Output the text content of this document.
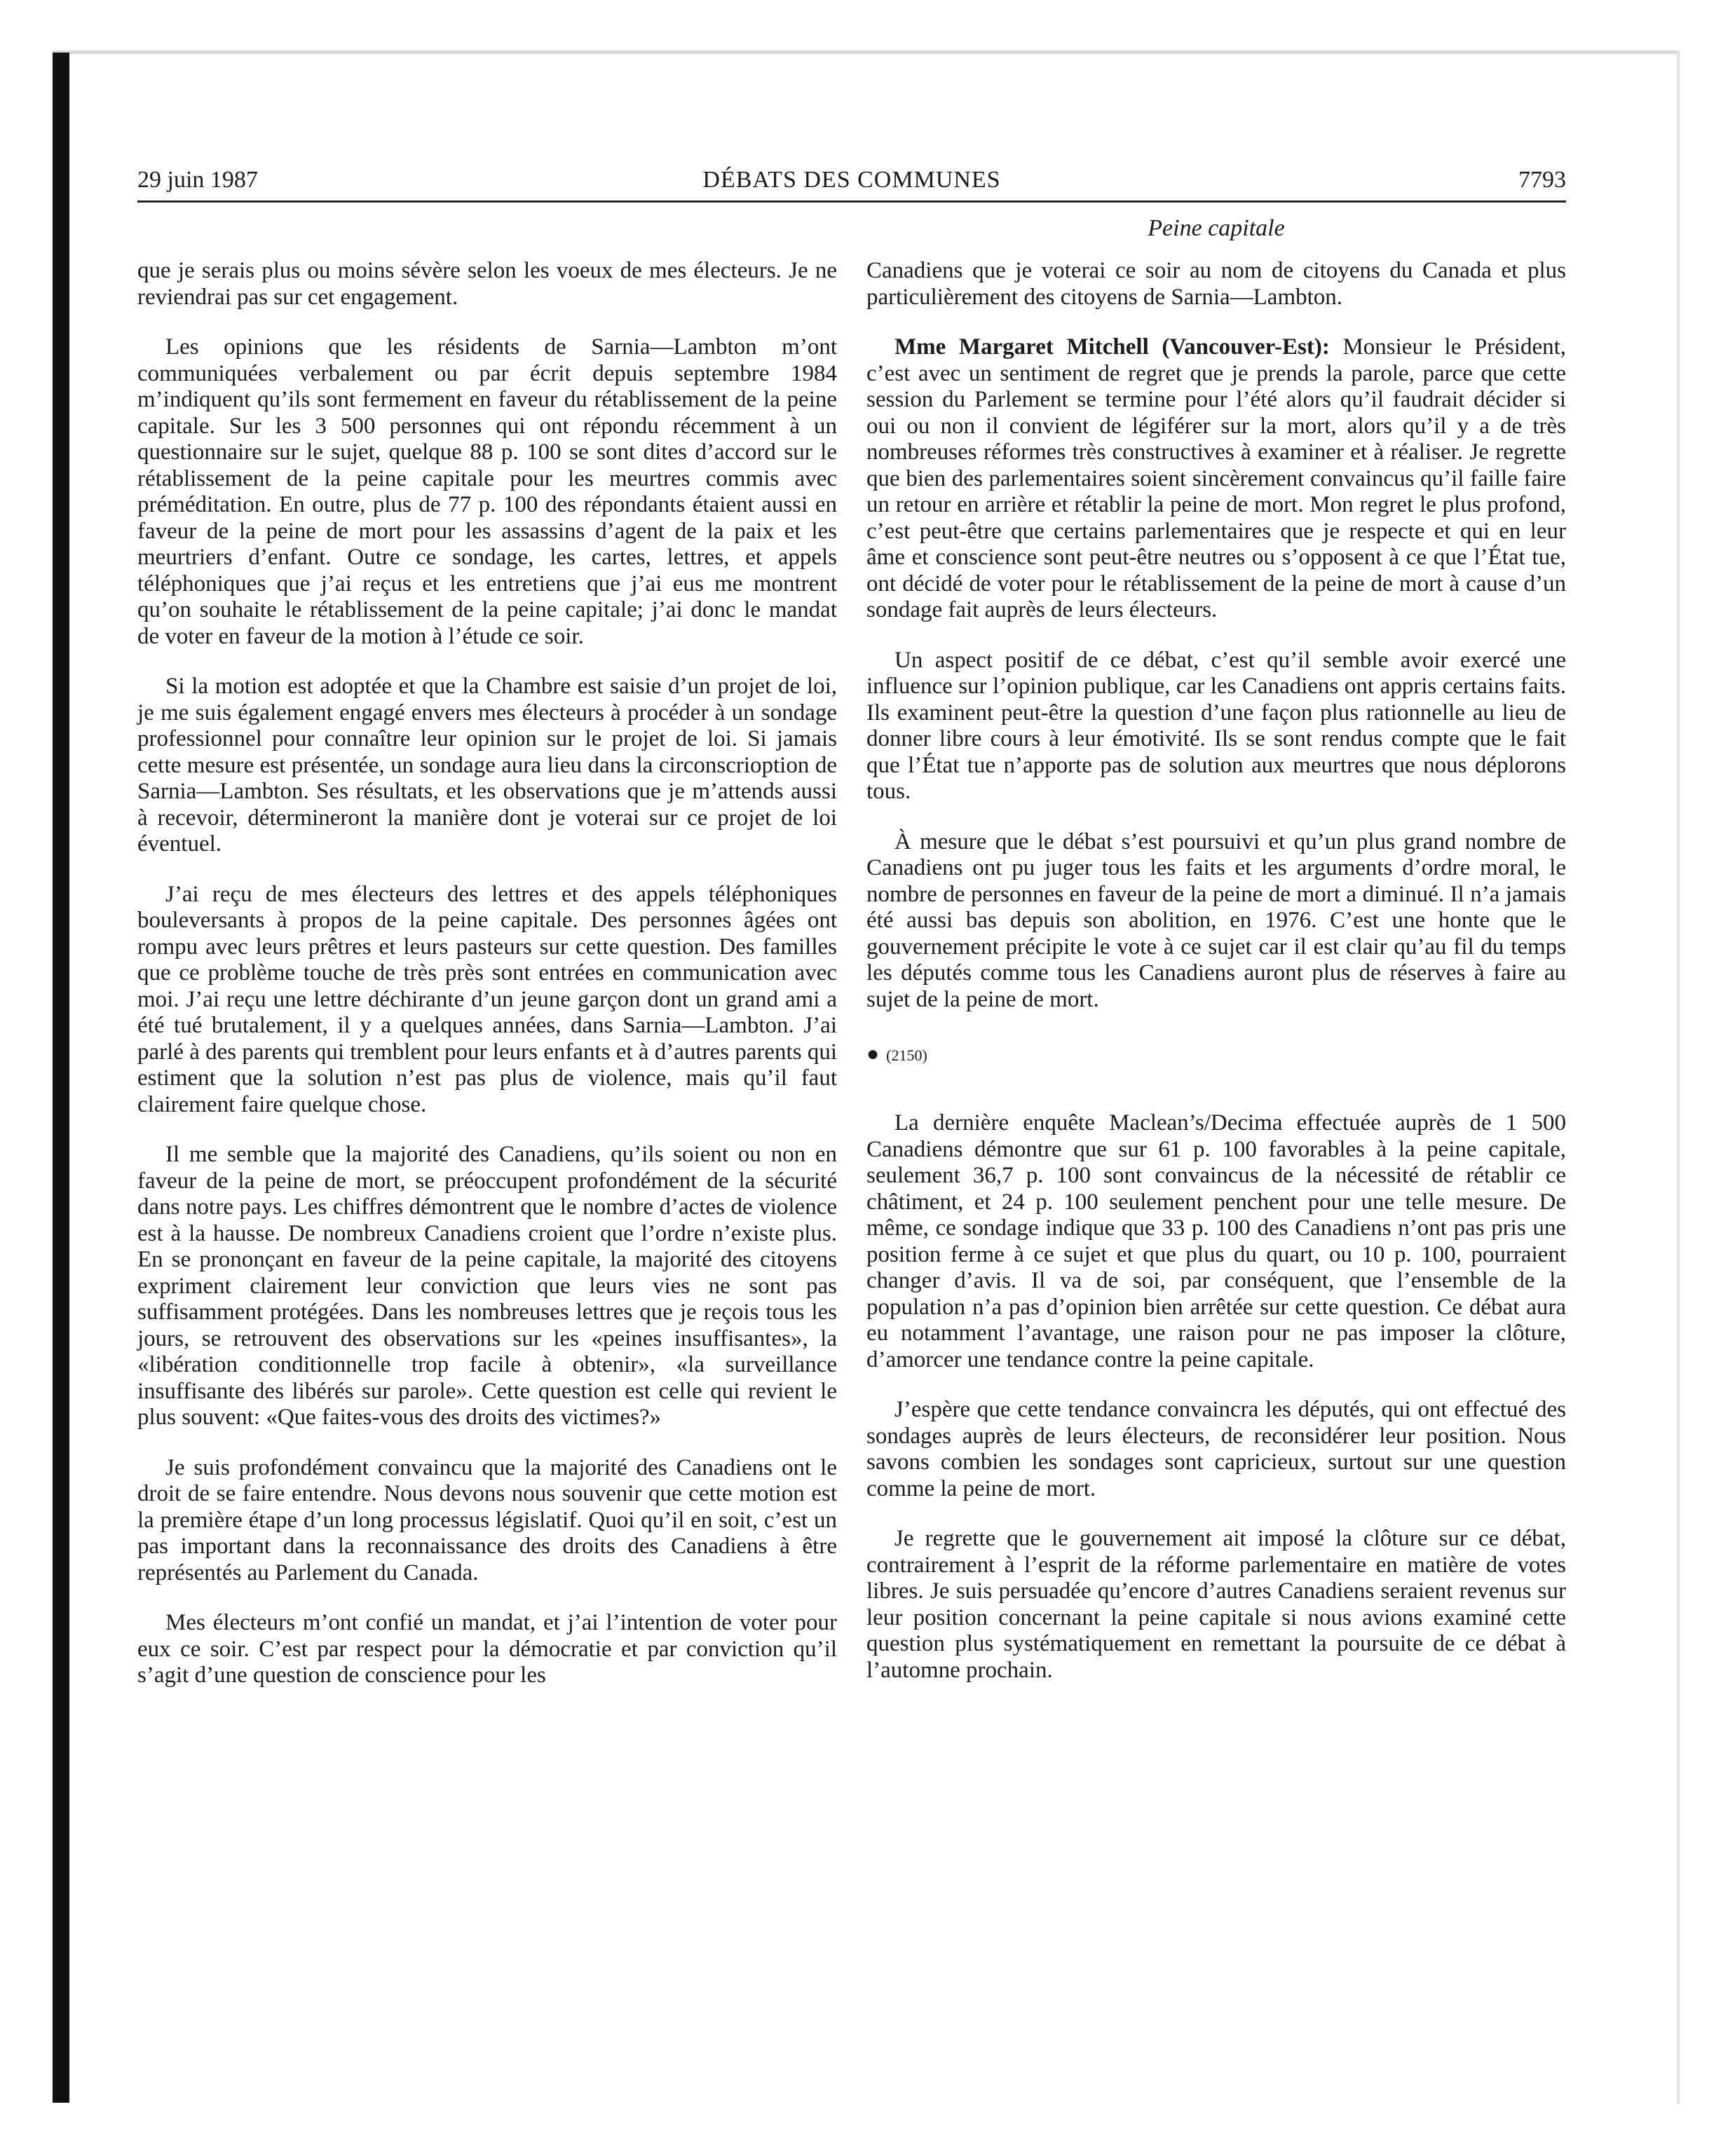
29 juin 1987	DÉBATS DES COMMUNES	7793
Peine capitale

que je serais plus ou moins sévère selon les voeux de mes électeurs. Je ne reviendrai pas sur cet engagement.

Les opinions que les résidents de Sarnia—Lambton m’ont communiquées verbalement ou par écrit depuis septembre 1984 m’indiquent qu’ils sont fermement en faveur du rétablissement de la peine capitale. Sur les 3 500 personnes qui ont répondu récemment à un questionnaire sur le sujet, quelque 88 p. 100 se sont dites d’accord sur le rétablissement de la peine capitale pour les meurtres commis avec préméditation. En outre, plus de 77 p. 100 des répondants étaient aussi en faveur de la peine de mort pour les assassins d’agent de la paix et les meurtriers d’enfant. Outre ce sondage, les cartes, lettres, et appels téléphoniques que j’ai reçus et les entretiens que j’ai eus me montrent qu’on souhaite le rétablissement de la peine capitale; j’ai donc le mandat de voter en faveur de la motion à l’étude ce soir.

Si la motion est adoptée et que la Chambre est saisie d’un projet de loi, je me suis également engagé envers mes électeurs à procéder à un sondage professionnel pour connaître leur opinion sur le projet de loi. Si jamais cette mesure est présentée, un sondage aura lieu dans la circonscrioption de Sarnia—Lambton. Ses résultats, et les observations que je m’attends aussi à recevoir, détermineront la manière dont je voterai sur ce projet de loi éventuel.

J’ai reçu de mes électeurs des lettres et des appels téléphoniques bouleversants à propos de la peine capitale. Des personnes âgées ont rompu avec leurs prêtres et leurs pasteurs sur cette question. Des familles que ce problème touche de très près sont entrées en communication avec moi. J’ai reçu une lettre déchirante d’un jeune garçon dont un grand ami a été tué brutalement, il y a quelques années, dans Sarnia—Lambton. J’ai parlé à des parents qui tremblent pour leurs enfants et à d’autres parents qui estiment que la solution n’est pas plus de violence, mais qu’il faut clairement faire quelque chose.

Il me semble que la majorité des Canadiens, qu’ils soient ou non en faveur de la peine de mort, se préoccupent profondément de la sécurité dans notre pays. Les chiffres démontrent que le nombre d’actes de violence est à la hausse. De nombreux Canadiens croient que l’ordre n’existe plus. En se prononçant en faveur de la peine capitale, la majorité des citoyens expriment clairement leur conviction que leurs vies ne sont pas suffisamment protégées. Dans les nombreuses lettres que je reçois tous les jours, se retrouvent des observations sur les «peines insuffisantes», la «libération conditionnelle trop facile à obtenir», «la surveillance insuffisante des libérés sur parole». Cette question est celle qui revient le plus souvent: «Que faites-vous des droits des victimes?»

Je suis profondément convaincu que la majorité des Canadiens ont le droit de se faire entendre. Nous devons nous souvenir que cette motion est la première étape d’un long processus législatif. Quoi qu’il en soit, c’est un pas important dans la reconnaissance des droits des Canadiens à être représentés au Parlement du Canada.

Mes électeurs m’ont confié un mandat, et j’ai l’intention de voter pour eux ce soir. C’est par respect pour la démocratie et par conviction qu’il s’agit d’une question de conscience pour les

Canadiens que je voterai ce soir au nom de citoyens du Canada et plus particulièrement des citoyens de Sarnia—Lambton.

Mme Margaret Mitchell (Vancouver-Est): Monsieur le Président, c’est avec un sentiment de regret que je prends la parole, parce que cette session du Parlement se termine pour l’été alors qu’il faudrait décider si oui ou non il convient de légiférer sur la mort, alors qu’il y a de très nombreuses réformes très constructives à examiner et à réaliser. Je regrette que bien des parlementaires soient sincèrement convaincus qu’il faille faire un retour en arrière et rétablir la peine de mort. Mon regret le plus profond, c’est peut-être que certains parlementaires que je respecte et qui en leur âme et conscience sont peut-être neutres ou s’opposent à ce que l’État tue, ont décidé de voter pour le rétablissement de la peine de mort à cause d’un sondage fait auprès de leurs électeurs.

Un aspect positif de ce débat, c’est qu’il semble avoir exercé une influence sur l’opinion publique, car les Canadiens ont appris certains faits. Ils examinent peut-être la question d’une façon plus rationnelle au lieu de donner libre cours à leur émotivité. Ils se sont rendus compte que le fait que l’État tue n’apporte pas de solution aux meurtres que nous déplorons tous.

À mesure que le débat s’est poursuivi et qu’un plus grand nombre de Canadiens ont pu juger tous les faits et les arguments d’ordre moral, le nombre de personnes en faveur de la peine de mort a diminué. Il n’a jamais été aussi bas depuis son abolition, en 1976. C’est une honte que le gouvernement précipite le vote à ce sujet car il est clair qu’au fil du temps les députés comme tous les Canadiens auront plus de réserves à faire au sujet de la peine de mort.

● (2150)

La dernière enquête Maclean’s/Decima effectuée auprès de 1 500 Canadiens démontre que sur 61 p. 100 favorables à la peine capitale, seulement 36,7 p. 100 sont convaincus de la nécessité de rétablir ce châtiment, et 24 p. 100 seulement penchent pour une telle mesure. De même, ce sondage indique que 33 p. 100 des Canadiens n’ont pas pris une position ferme à ce sujet et que plus du quart, ou 10 p. 100, pourraient changer d’avis. Il va de soi, par conséquent, que l’ensemble de la population n’a pas d’opinion bien arrêtée sur cette question. Ce débat aura eu notamment l’avantage, une raison pour ne pas imposer la clôture, d’amorcer une tendance contre la peine capitale.

J’espère que cette tendance convaincra les députés, qui ont effectué des sondages auprès de leurs électeurs, de reconsidérer leur position. Nous savons combien les sondages sont capricieux, surtout sur une question comme la peine de mort.

Je regrette que le gouvernement ait imposé la clôture sur ce débat, contrairement à l’esprit de la réforme parlementaire en matière de votes libres. Je suis persuadée qu’encore d’autres Canadiens seraient revenus sur leur position concernant la peine capitale si nous avions examiné cette question plus systématiquement en remettant la poursuite de ce débat à l’automne prochain.
